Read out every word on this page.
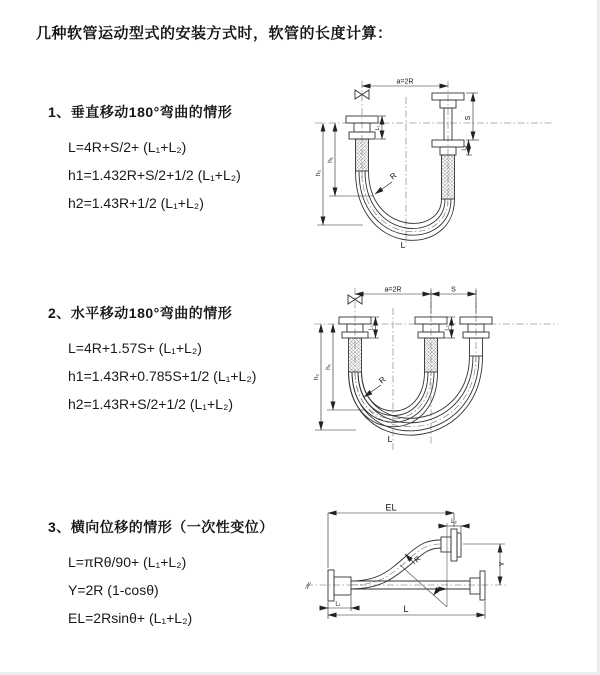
几种软管运动型式的安装方式时，软管的长度计算：
1、垂直移动180°弯曲的情形
L=4R+S/2+ (L₁+L₂)
h1=1.432R+S/2+1/2 (L₁+L₂)
h2=1.43R+1/2 (L₁+L₂)
2、水平移动180°弯曲的情形
L=4R+1.57S+ (L₁+L₂)
h1=1.43R+0.785S+1/2 (L₁+L₂)
h2=1.43R+S/2+1/2 (L₁+L₂)
3、横向位移的情形（一次性变位）
L=πRθ/90+ (L₁+L₂)
Y=2R (1-cosθ)
EL=2Rsinθ+ (L₁+L₂)
a=2R
S
L₁
L₂
h₂
h₁
R
L
a=2R	S
L₁	L₂
h₂
h₁
R
L
EL
L₂
Y
R
θ
L₁	L
